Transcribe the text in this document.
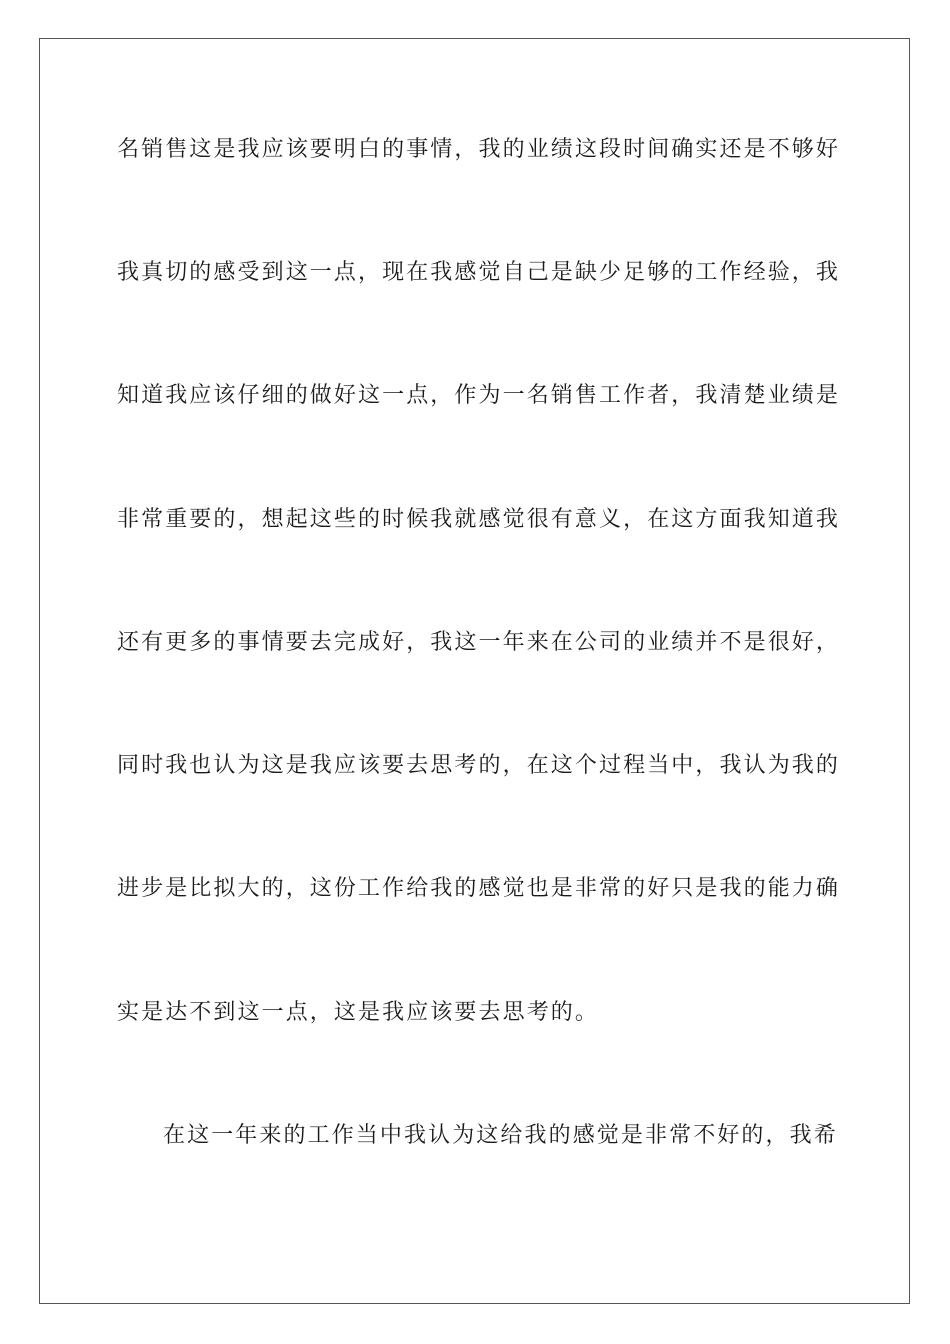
名销售这是我应该要明白的事情，我的业绩这段时间确实还是不够好
我真切的感受到这一点，现在我感觉自己是缺少足够的工作经验，我
知道我应该仔细的做好这一点，作为一名销售工作者，我清楚业绩是
非常重要的，想起这些的时候我就感觉很有意义，在这方面我知道我
还有更多的事情要去完成好，我这一年来在公司的业绩并不是很好，
同时我也认为这是我应该要去思考的，在这个过程当中，我认为我的
进步是比拟大的，这份工作给我的感觉也是非常的好只是我的能力确
实是达不到这一点，这是我应该要去思考的。
在这一年来的工作当中我认为这给我的感觉是非常不好的，我希
